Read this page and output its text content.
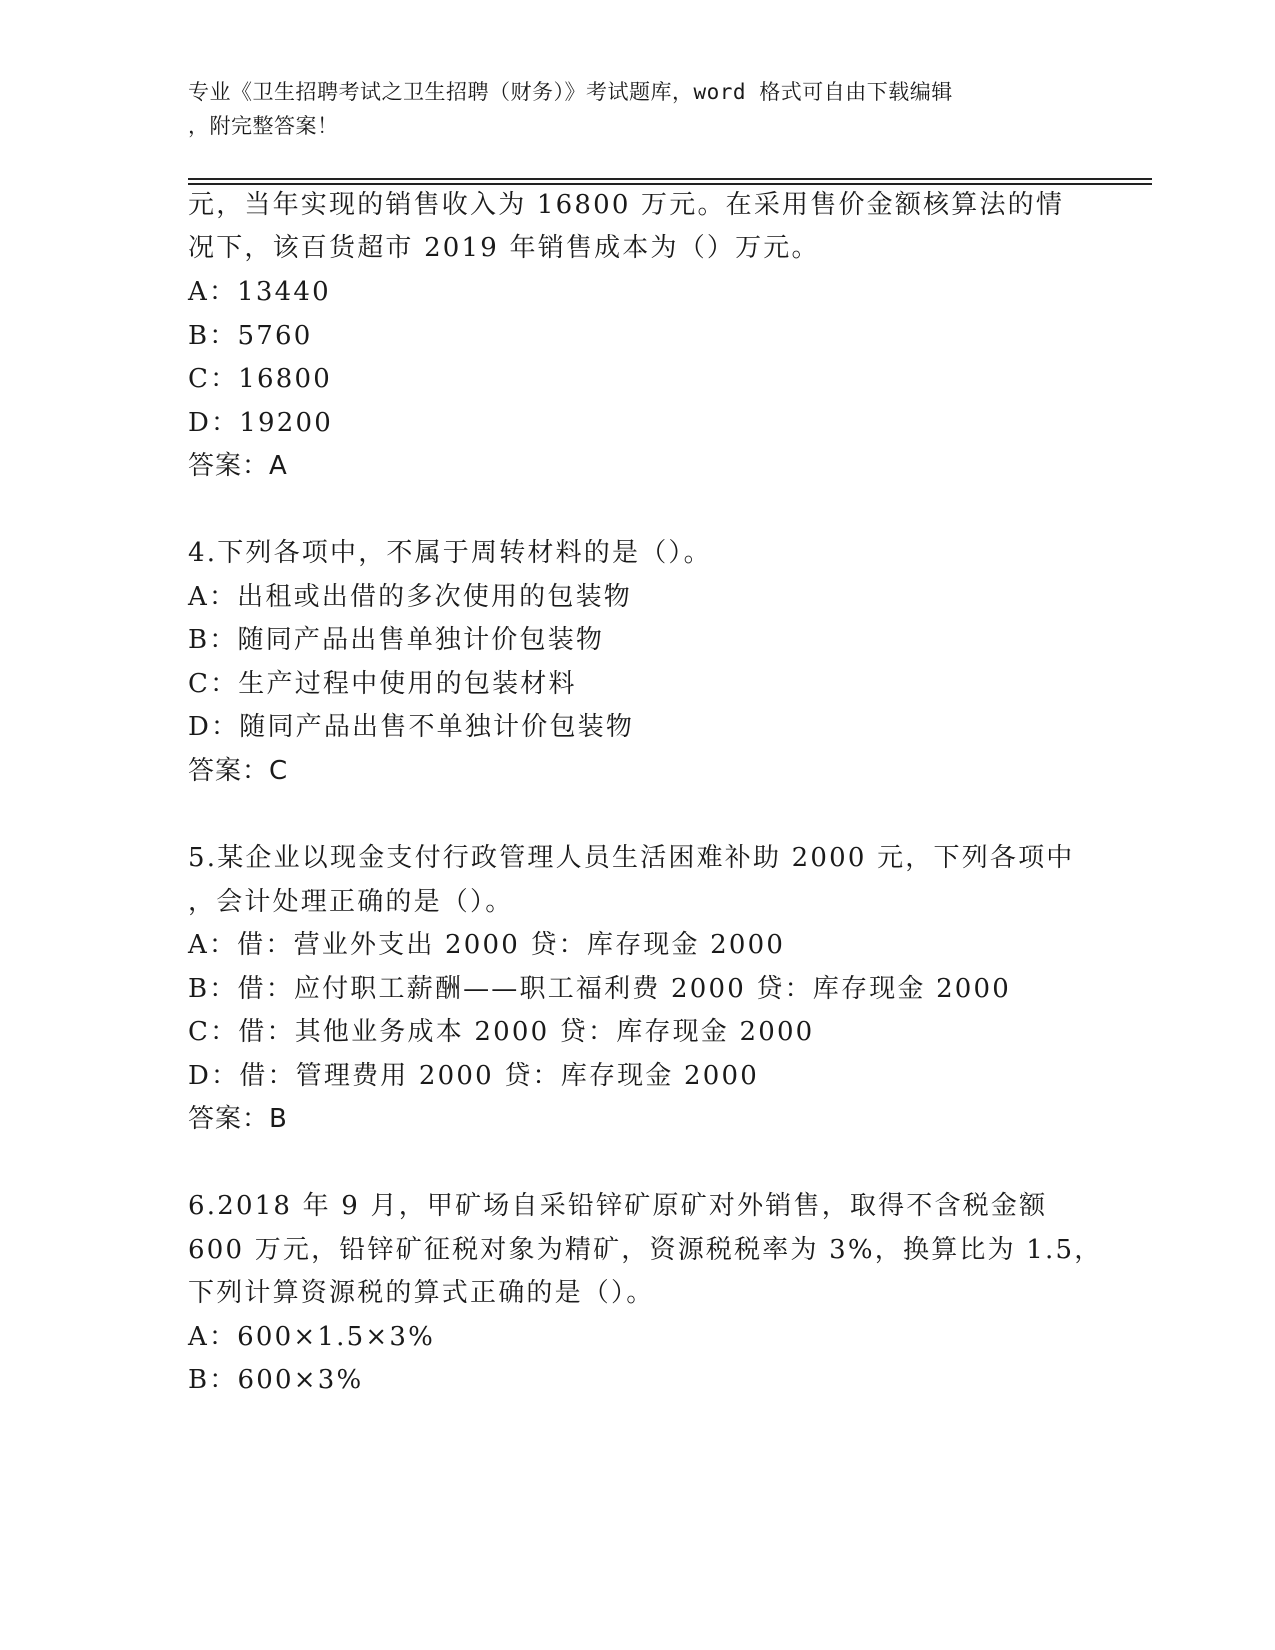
专业《卫生招聘考试之卫生招聘（财务）》考试题库，word 格式可自由下载编辑
，附完整答案！
元，当年实现的销售收入为 16800 万元。在采用售价金额核算法的情
况下，该百货超市 2019 年销售成本为（）万元。
A：13440
B：5760
C：16800
D：19200
答案：A
4.下列各项中，不属于周转材料的是（）。
A：出租或出借的多次使用的包装物
B：随同产品出售单独计价包装物
C：生产过程中使用的包装材料
D：随同产品出售不单独计价包装物
答案：C
5.某企业以现金支付行政管理人员生活困难补助 2000 元，下列各项中
，会计处理正确的是（）。
A：借：营业外支出 2000 贷：库存现金 2000
B：借：应付职工薪酬——职工福利费 2000 贷：库存现金 2000
C：借：其他业务成本 2000 贷：库存现金 2000
D：借：管理费用 2000 贷：库存现金 2000
答案：B
6.2018 年 9 月，甲矿场自采铅锌矿原矿对外销售，取得不含税金额
600 万元，铅锌矿征税对象为精矿，资源税税率为 3%，换算比为 1.5，
下列计算资源税的算式正确的是（）。
A：600×1.5×3%
B：600×3%
